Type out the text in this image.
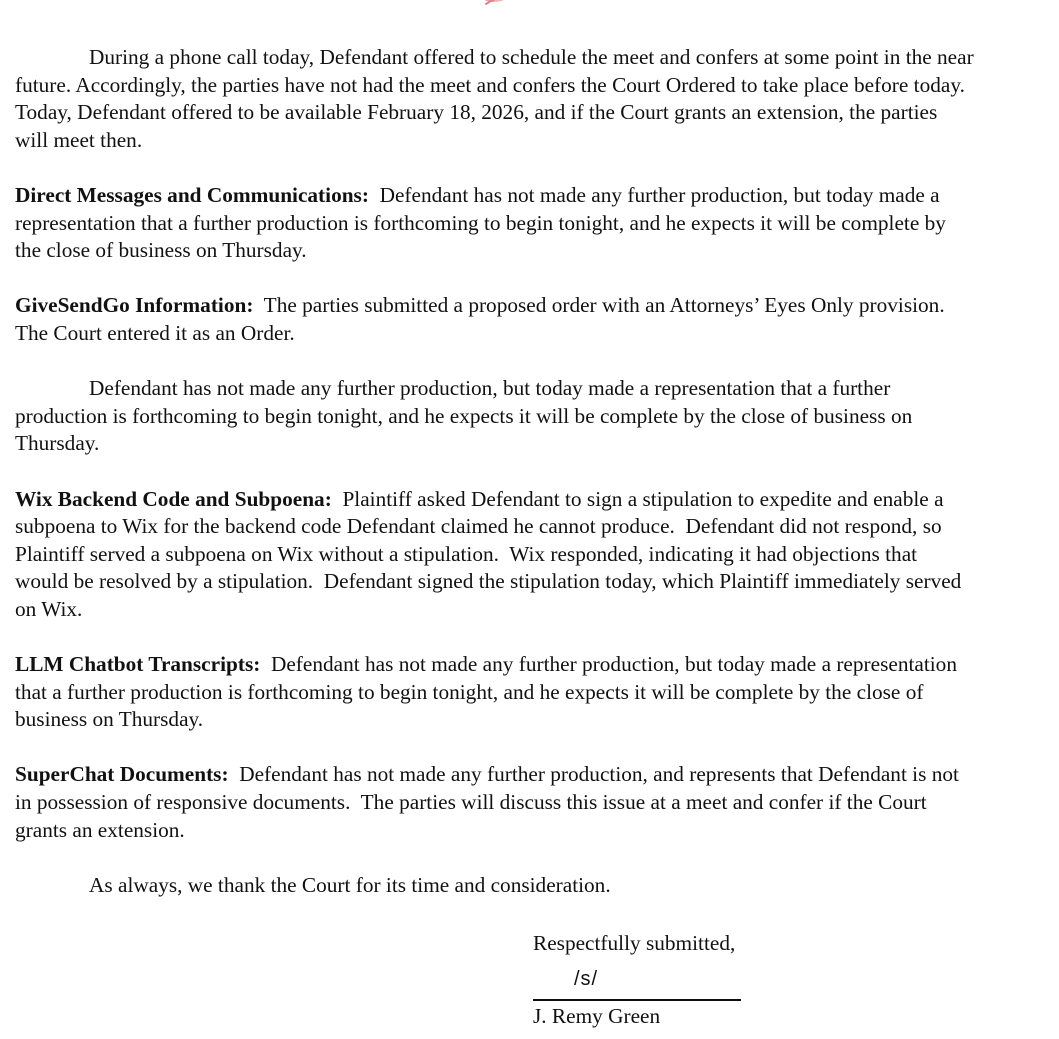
During a phone call today, Defendant offered to schedule the meet and confers at some point in the near future. Accordingly, the parties have not had the meet and confers the Court Ordered to take place before today. Today, Defendant offered to be available February 18, 2026, and if the Court grants an extension, the parties will meet then.

Direct Messages and Communications:  Defendant has not made any further production, but today made a representation that a further production is forthcoming to begin tonight, and he expects it will be complete by the close of business on Thursday.

GiveSendGo Information:  The parties submitted a proposed order with an Attorneys’ Eyes Only provision.  The Court entered it as an Order.

Defendant has not made any further production, but today made a representation that a further production is forthcoming to begin tonight, and he expects it will be complete by the close of business on Thursday.

Wix Backend Code and Subpoena:  Plaintiff asked Defendant to sign a stipulation to expedite and enable a subpoena to Wix for the backend code Defendant claimed he cannot produce.  Defendant did not respond, so Plaintiff served a subpoena on Wix without a stipulation.  Wix responded, indicating it had objections that would be resolved by a stipulation.  Defendant signed the stipulation today, which Plaintiff immediately served on Wix.

LLM Chatbot Transcripts:  Defendant has not made any further production, but today made a representation that a further production is forthcoming to begin tonight, and he expects it will be complete by the close of business on Thursday.

SuperChat Documents:  Defendant has not made any further production, and represents that Defendant is not in possession of responsive documents.  The parties will discuss this issue at a meet and confer if the Court grants an extension.

As always, we thank the Court for its time and consideration.

Respectfully submitted,
/s/
J. Remy Green
